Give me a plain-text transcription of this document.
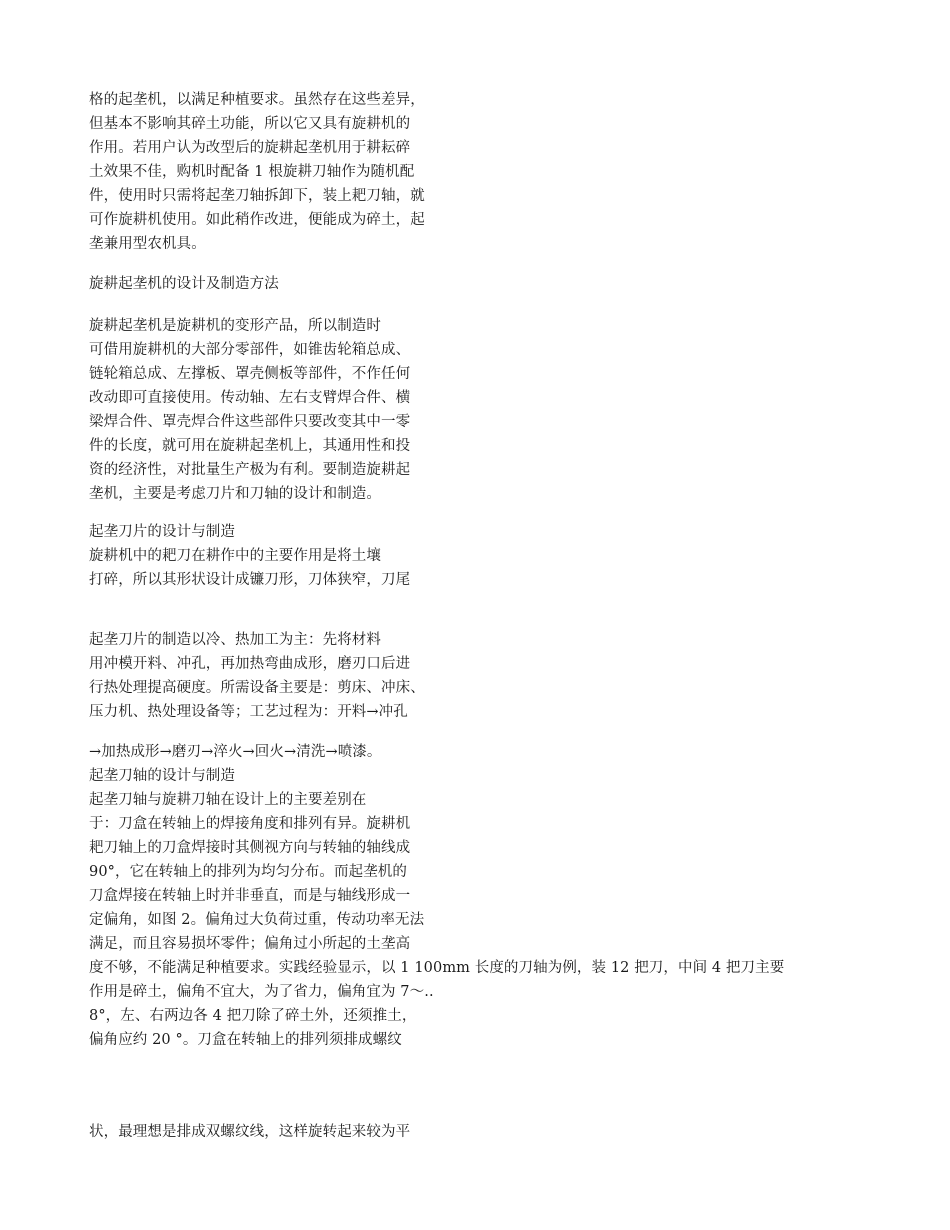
格的起垄机，以满足种植要求。虽然存在这些差异，
但基本不影响其碎土功能，所以它又具有旋耕机的
作用。若用户认为改型后的旋耕起垄机用于耕耘碎
土效果不佳，购机时配备 1 根旋耕刀轴作为随机配
件，使用时只需将起垄刀轴拆卸下，装上耙刀轴，就
可作旋耕机使用。如此稍作改进，便能成为碎土，起
垄兼用型农机具。
旋耕起垄机的设计及制造方法
旋耕起垄机是旋耕机的变形产品，所以制造时
可借用旋耕机的大部分零部件，如锥齿轮箱总成、
链轮箱总成、左撑板、罩壳侧板等部件，不作任何
改动即可直接使用。传动轴、左右支臂焊合件、横
梁焊合件、罩壳焊合件这些部件只要改变其中一零
件的长度，就可用在旋耕起垄机上，其通用性和投
资的经济性，对批量生产极为有利。要制造旋耕起
垄机，主要是考虑刀片和刀轴的设计和制造。
起垄刀片的设计与制造
旋耕机中的耙刀在耕作中的主要作用是将土壤
打碎，所以其形状设计成镰刀形，刀体狭窄，刀尾
起垄刀片的制造以冷、热加工为主：先将材料
用冲模开料、冲孔，再加热弯曲成形，磨刃口后进
行热处理提高硬度。所需设备主要是：剪床、冲床、
压力机、热处理设备等；工艺过程为：开料→冲孔
→加热成形→磨刃→淬火→回火→清洗→喷漆。
起垄刀轴的设计与制造
起垄刀轴与旋耕刀轴在设计上的主要差别在
于：刀盒在转轴上的焊接角度和排列有异。旋耕机
耙刀轴上的刀盒焊接时其侧视方向与转轴的轴线成
90°，它在转轴上的排列为均匀分布。而起垄机的
刀盒焊接在转轴上时并非垂直，而是与轴线形成一
定偏角，如图 2。偏角过大负荷过重，传动功率无法
满足，而且容易损坏零件；偏角过小所起的土垄高
度不够，不能满足种植要求。实践经验显示，以 1 100mm 长度的刀轴为例，装 12 把刀，中间 4 把刀主要
作用是碎土，偏角不宜大，为了省力，偏角宜为 7～..
8°，左、右两边各 4 把刀除了碎土外，还须推土，
偏角应约 20 °。刀盒在转轴上的排列须排成螺纹
状，最理想是排成双螺纹线，这样旋转起来较为平
